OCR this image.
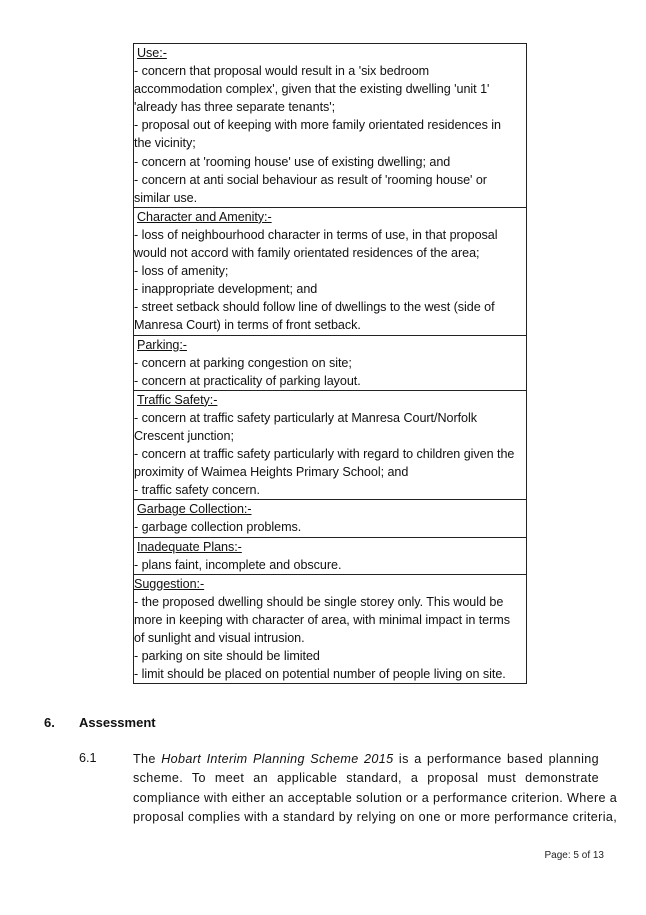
Use:-
- concern that proposal would result in a 'six bedroom
accommodation complex', given that the existing dwelling 'unit 1'
'already has three separate tenants';
- proposal out of keeping with more family orientated residences in
the vicinity;
- concern at 'rooming house' use of existing dwelling; and
- concern at anti social behaviour as result of 'rooming house' or
similar use.
Character and Amenity:-
- loss of neighbourhood character in terms of use, in that proposal
would not accord with family orientated residences of the area;
- loss of amenity;
- inappropriate development; and
- street setback should follow line of dwellings to the west (side of
Manresa Court) in terms of front setback.
Parking:-
- concern at parking congestion on site;
- concern at practicality of parking layout.
Traffic Safety:-
- concern at traffic safety particularly at Manresa Court/Norfolk
Crescent junction;
- concern at traffic safety particularly with regard to children given the
proximity of Waimea Heights Primary School; and
- traffic safety concern.
Garbage Collection:-
- garbage collection problems.
Inadequate Plans:-
- plans faint, incomplete and obscure.
Suggestion:-
- the proposed dwelling should be single storey only. This would be
more in keeping with character of area, with minimal impact in terms
of sunlight and visual intrusion.
- parking on site should be limited
- limit should be placed on potential number of people living on site.
6. Assessment
6.1	The Hobart Interim Planning Scheme 2015 is a performance based planning
scheme. To meet an applicable standard, a proposal must demonstrate
compliance with either an acceptable solution or a performance criterion. Where a
proposal complies with a standard by relying on one or more performance criteria,
Page: 5 of 13
